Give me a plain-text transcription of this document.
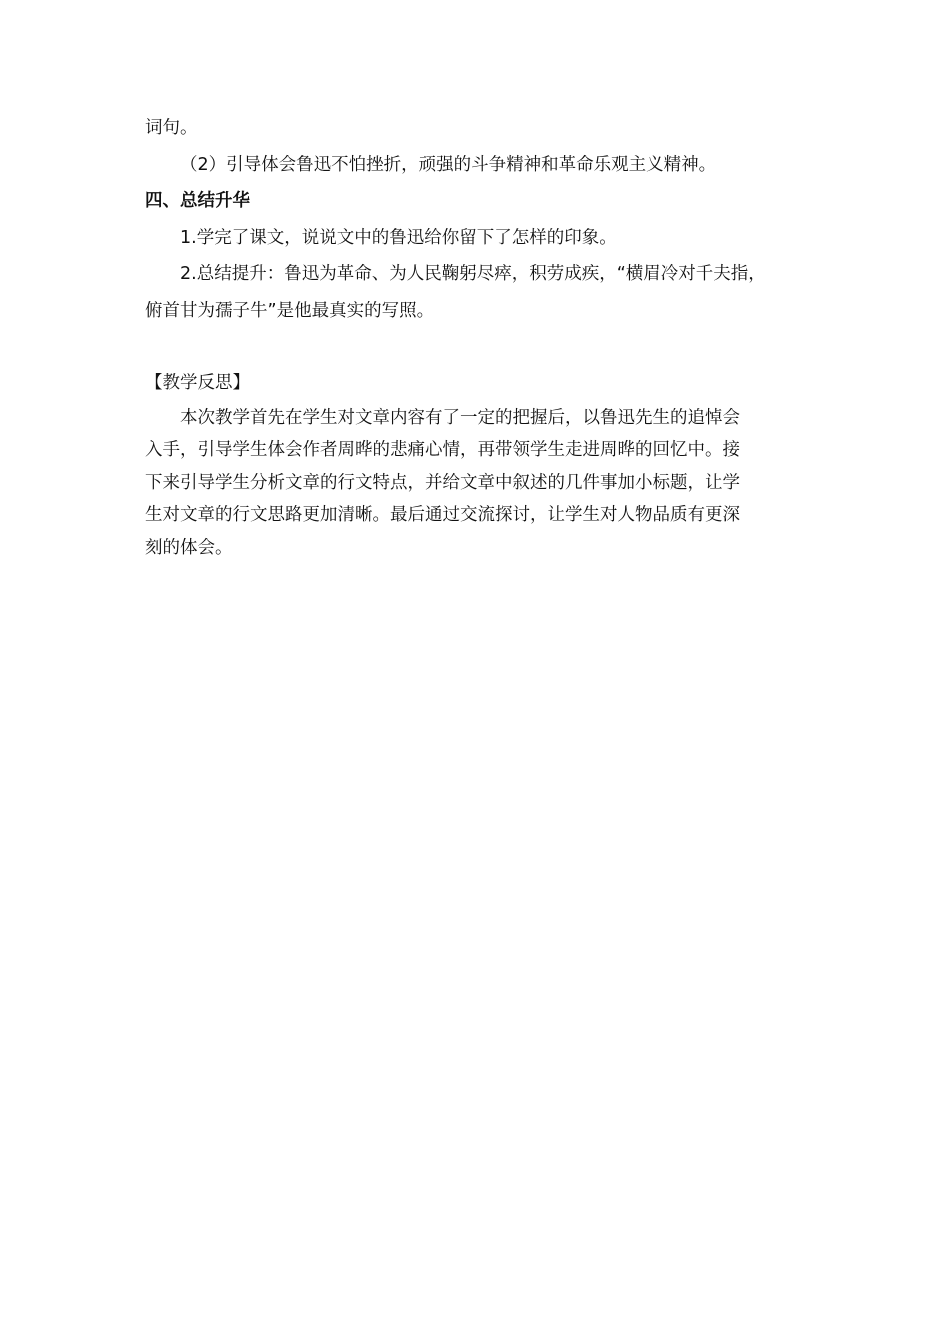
词句。

（2）引导体会鲁迅不怕挫折，顽强的斗争精神和革命乐观主义精神。

四、总结升华

1.学完了课文，说说文中的鲁迅给你留下了怎样的印象。

2.总结提升：鲁迅为革命、为人民鞠躬尽瘁，积劳成疾，“横眉冷对千夫指，

俯首甘为孺子牛”是他最真实的写照。

【教学反思】

本次教学首先在学生对文章内容有了一定的把握后，以鲁迅先生的追悼会
入手，引导学生体会作者周晔的悲痛心情，再带领学生走进周晔的回忆中。接
下来引导学生分析文章的行文特点，并给文章中叙述的几件事加小标题，让学
生对文章的行文思路更加清晰。最后通过交流探讨，让学生对人物品质有更深
刻的体会。
